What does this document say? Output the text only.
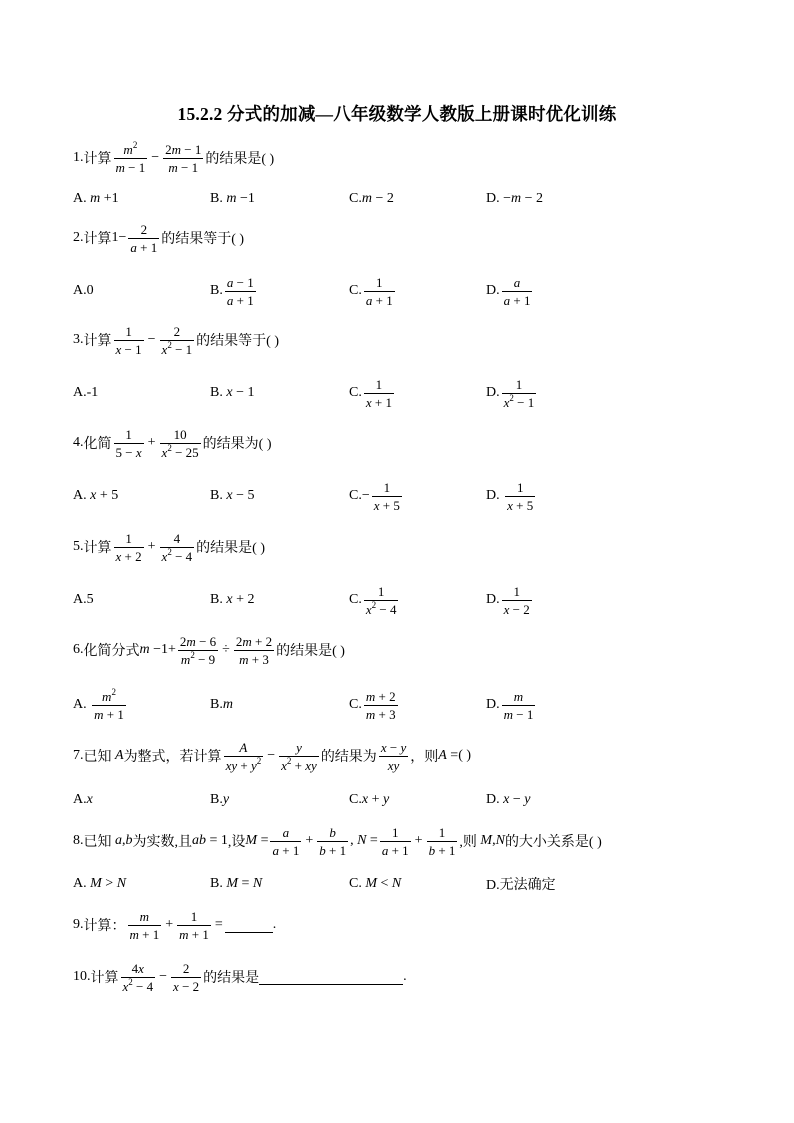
15.2.2 分式的加减—八年级数学人教版上册课时优化训练
1. 计算 $\frac{m^2}{m - 1} - \frac{2m - 1}{m - 1}$ 的结果是( )
A.
m +1	B.
m −1	C. m − 2	D. − m − 2
2. 计算 $1- \frac{2}{a + 1}$ 的结果等于( )
A.0	B. $\frac{a - 1}{a + 1}$	C. $\frac{1}{a + 1}$	D. $\frac{a}{a + 1}$
3. 计算 $\frac{1}{x - 1} - \frac{2}{x^2 - 1}$ 的结果等于( )
A.-1	B.
x − 1	C. $\frac{1}{x + 1}$	D. $\frac{1}{x^2 - 1}$
4. 化简 $\frac{1}{5 - x} + \frac{10}{x^2 - 25}$ 的结果为( )
A.
x + 5	B.
x − 5	C. − $\frac{1}{x + 5}$	D.
$\frac{1}{x + 5}$
5. 计算 $\frac{1}{x + 2} + \frac{4}{x^2 - 4}$ 的结果是( )
A.5	B.
x + 2	C. $\frac{1}{x^2 - 4}$	D. $\frac{1}{x - 2}$
6. 化简分式 $m -1+ \frac{2m - 6}{m^2 - 9} \div \frac{2m + 2}{m + 3}$ 的结果是( )
A.
$\frac{m^2}{m + 1}$	B. m	C. $\frac{m + 2}{m + 3}$	D. $\frac{m}{m - 1}$
7. 已知 A 为整式，若计算 $\frac{A}{xy + y^2} - \frac{y}{x^2 + xy}$ 的结果为 $\frac{x - y}{xy}$ ，则 A = ( )
A. x	B. y	C. x + y	D.
x − y
8. 已知 a , b 为实数,且 ab = 1 ,设 $M = \frac{a}{a + 1} + \frac{b}{b + 1}$ , $N = \frac{1}{a + 1} + \frac{1}{b + 1}$ ,则 M , N 的大小关系是( )
A.
M > N	B.
M = N	C.
M < N	D.无法确定
9. 计算： $\frac{m}{m + 1} + \frac{1}{m + 1}$ =	.
10. 计算 $\frac{4x}{x^2 - 4} - \frac{2}{x - 2}$ 的结果是	.
